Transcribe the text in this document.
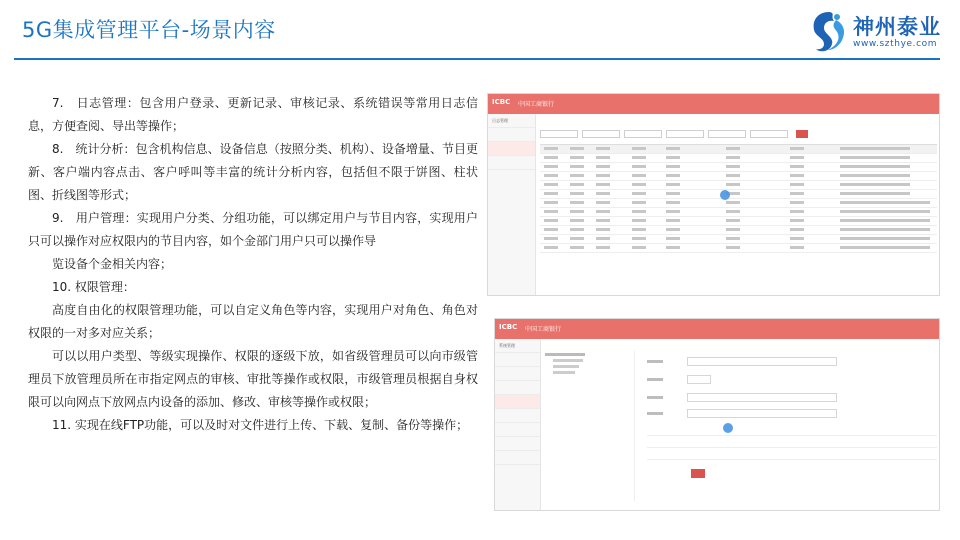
5G集成管理平台-场景内容	神州泰业
www.szthye.com

7.　日志管理：包含用户登录、更新记录、审核记录、系统错误等常用日志信息，方便查阅、导出等操作；

8.　统计分析：包含机构信息、设备信息（按照分类、机构）、设备增量、节目更新、客户端内容点击、客户呼叫等丰富的统计分析内容，包括但不限于饼图、柱状图、折线图等形式；

9.　用户管理：实现用户分类、分组功能，可以绑定用户与节目内容，实现用户只可以操作对应权限内的节目内容，如个金部门用户只可以操作导

览设备个金相关内容；

10. 权限管理：

高度自由化的权限管理功能，可以自定义角色等内容，实现用户对角色、角色对权限的一对多对应关系；

可以以用户类型、等级实现操作、权限的逐级下放，如省级管理员可以向市级管理员下放管理员所在市指定网点的审核、审批等操作或权限，市级管理员根据自身权限可以向网点下放网点内设备的添加、修改、审核等操作或权限；

11. 实现在线FTP功能，可以及时对文件进行上传、下载、复制、备份等操作；

ICBC 中国工商银行
日志管理
ICBC 中国工商银行
系统管理
